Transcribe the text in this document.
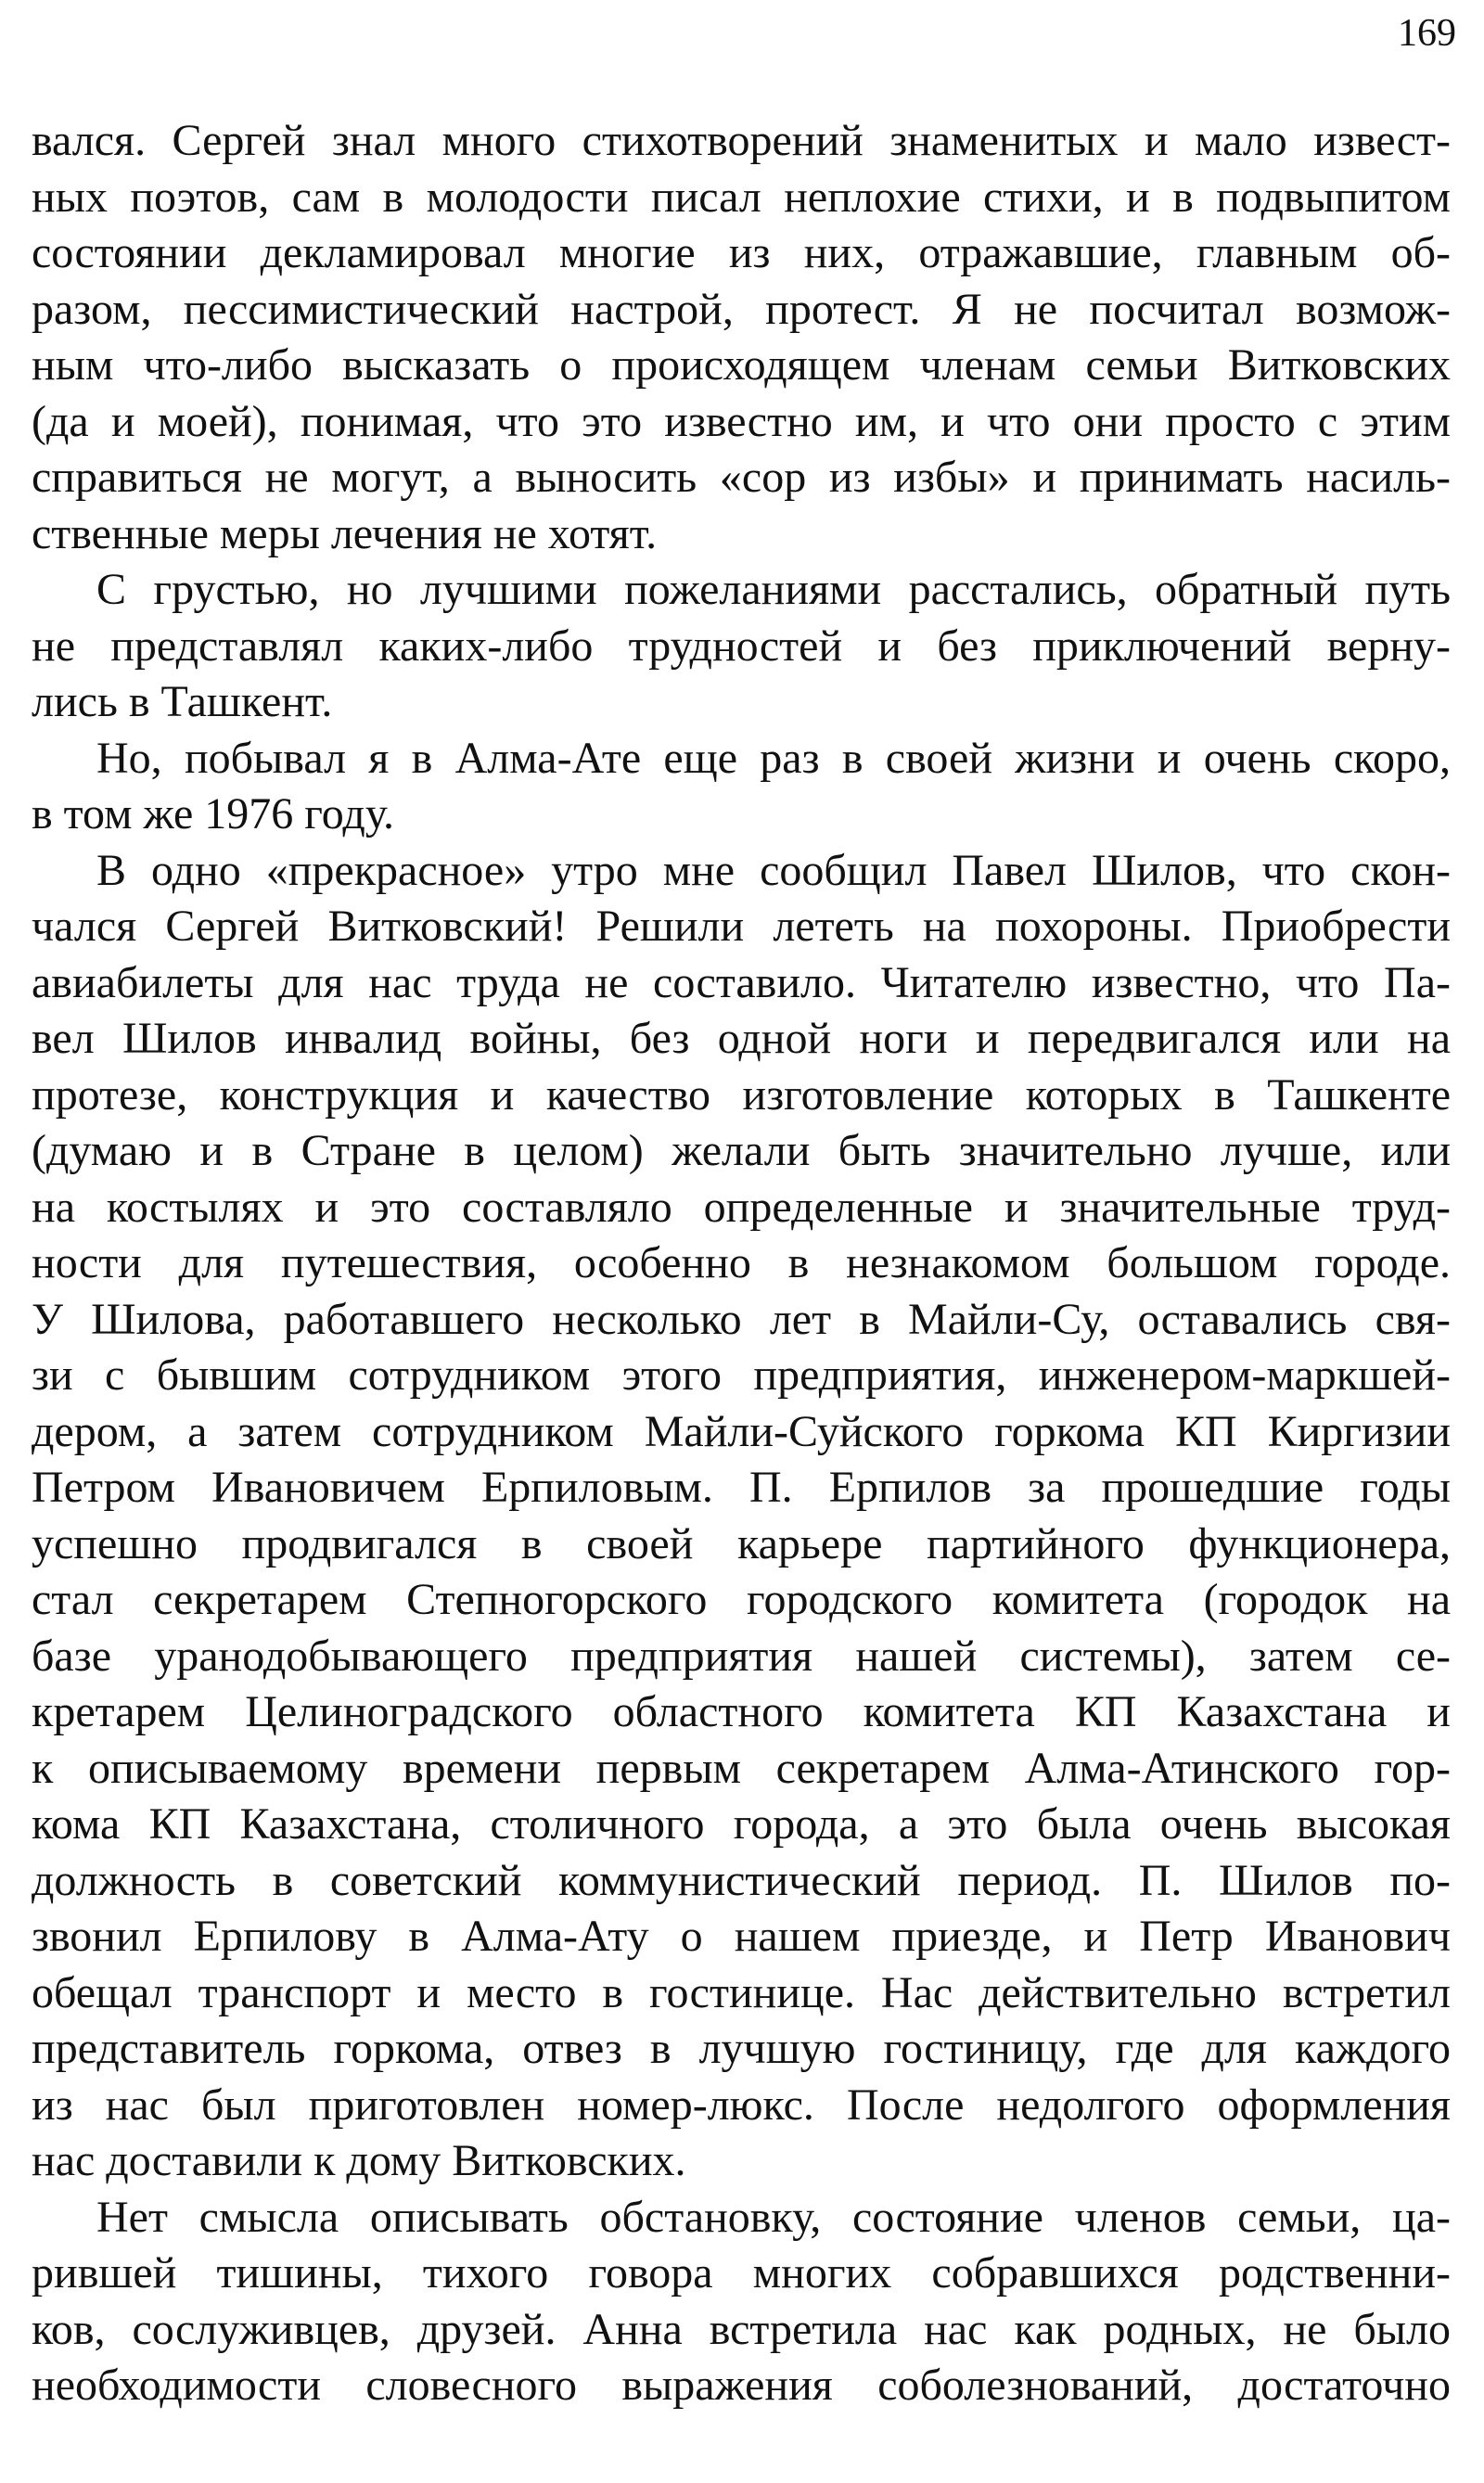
169
вался. Сергей знал много стихотворений знаменитых и мало извест-
ных поэтов, сам в молодости писал неплохие стихи, и в подвыпитом
состоянии декламировал многие из них, отражавшие, главным об-
разом, пессимистический настрой, протест. Я не посчитал возмож-
ным что-либо высказать о происходящем членам семьи Витковских
(да и моей), понимая, что это известно им, и что они просто с этим
справиться не могут, а выносить «сор из избы» и принимать насиль-
ственные меры лечения не хотят.
С грустью, но лучшими пожеланиями расстались, обратный путь
не представлял каких-либо трудностей и без приключений верну-
лись в Ташкент.
Но, побывал я в Алма-Ате еще раз в своей жизни и очень скоро,
в том же 1976 году.
В одно «прекрасное» утро мне сообщил Павел Шилов, что скон-
чался Сергей Витковский! Решили лететь на похороны. Приобрести
авиабилеты для нас труда не составило. Читателю известно, что Па-
вел Шилов инвалид войны, без одной ноги и передвигался или на
протезе, конструкция и качество изготовление которых в Ташкенте
(думаю и в Стране в целом) желали быть значительно лучше, или
на костылях и это составляло определенные и значительные труд-
ности для путешествия, особенно в незнакомом большом городе.
У Шилова, работавшего несколько лет в Майли-Су, оставались свя-
зи с бывшим сотрудником этого предприятия, инженером-маркшей-
дером, а затем сотрудником Майли-Суйского горкома КП Киргизии
Петром Ивановичем Ерпиловым. П. Ерпилов за прошедшие годы
успешно продвигался в своей карьере партийного функционера,
стал секретарем Степногорского городского комитета (городок на
базе уранодобывающего предприятия нашей системы), затем се-
кретарем Целиноградского областного комитета КП Казахстана и
к описываемому времени первым секретарем Алма-Атинского гор-
кома КП Казахстана, столичного города, а это была очень высокая
должность в советский коммунистический период. П. Шилов по-
звонил Ерпилову в Алма-Ату о нашем приезде, и Петр Иванович
обещал транспорт и место в гостинице. Нас действительно встретил
представитель горкома, отвез в лучшую гостиницу, где для каждого
из нас был приготовлен номер-люкс. После недолгого оформления
нас доставили к дому Витковских.
Нет смысла описывать обстановку, состояние членов семьи, ца-
рившей тишины, тихого говора многих собравшихся родственни-
ков, сослуживцев, друзей. Анна встретила нас как родных, не было
необходимости словесного выражения соболезнований, достаточно
